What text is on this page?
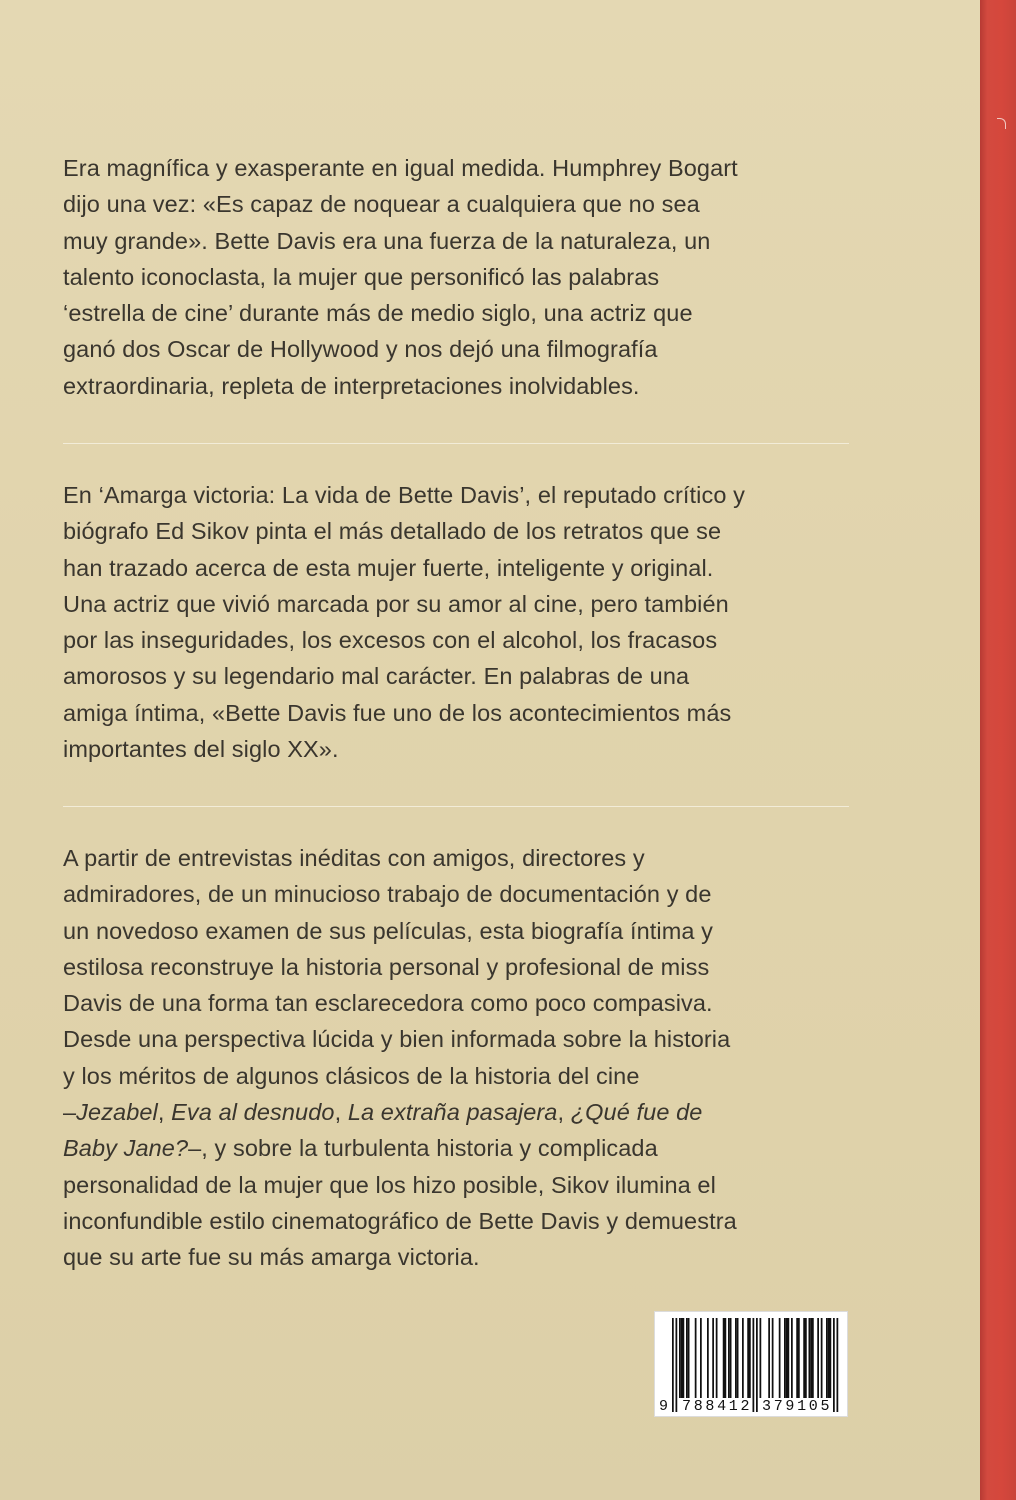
Era magnífica y exasperante en igual medida. Humphrey Bogart

dijo una vez: «Es capaz de noquear a cualquiera que no sea

muy grande». Bette Davis era una fuerza de la naturaleza, un

talento iconoclasta, la mujer que personificó las palabras

‘estrella de cine’ durante más de medio siglo, una actriz que

ganó dos Oscar de Hollywood y nos dejó una filmografía

extraordinaria, repleta de interpretaciones inolvidables.

En ‘Amarga victoria: La vida de Bette Davis’, el reputado crítico y

biógrafo Ed Sikov pinta el más detallado de los retratos que se

han trazado acerca de esta mujer fuerte, inteligente y original.

Una actriz que vivió marcada por su amor al cine, pero también

por las inseguridades, los excesos con el alcohol, los fracasos

amorosos y su legendario mal carácter. En palabras de una

amiga íntima, «Bette Davis fue uno de los acontecimientos más

importantes del siglo XX».

A partir de entrevistas inéditas con amigos, directores y

admiradores, de un minucioso trabajo de documentación y de

un novedoso examen de sus películas, esta biografía íntima y

estilosa reconstruye la historia personal y profesional de miss

Davis de una forma tan esclarecedora como poco compasiva.

Desde una perspectiva lúcida y bien informada sobre la historia

y los méritos de algunos clásicos de la historia del cine

–Jezabel, Eva al desnudo, La extraña pasajera, ¿Qué fue de

Baby Jane?–, y sobre la turbulenta historia y complicada

personalidad de la mujer que los hizo posible, Sikov ilumina el

inconfundible estilo cinematográfico de Bette Davis y demuestra

que su arte fue su más amarga victoria.

9 788412 379105
